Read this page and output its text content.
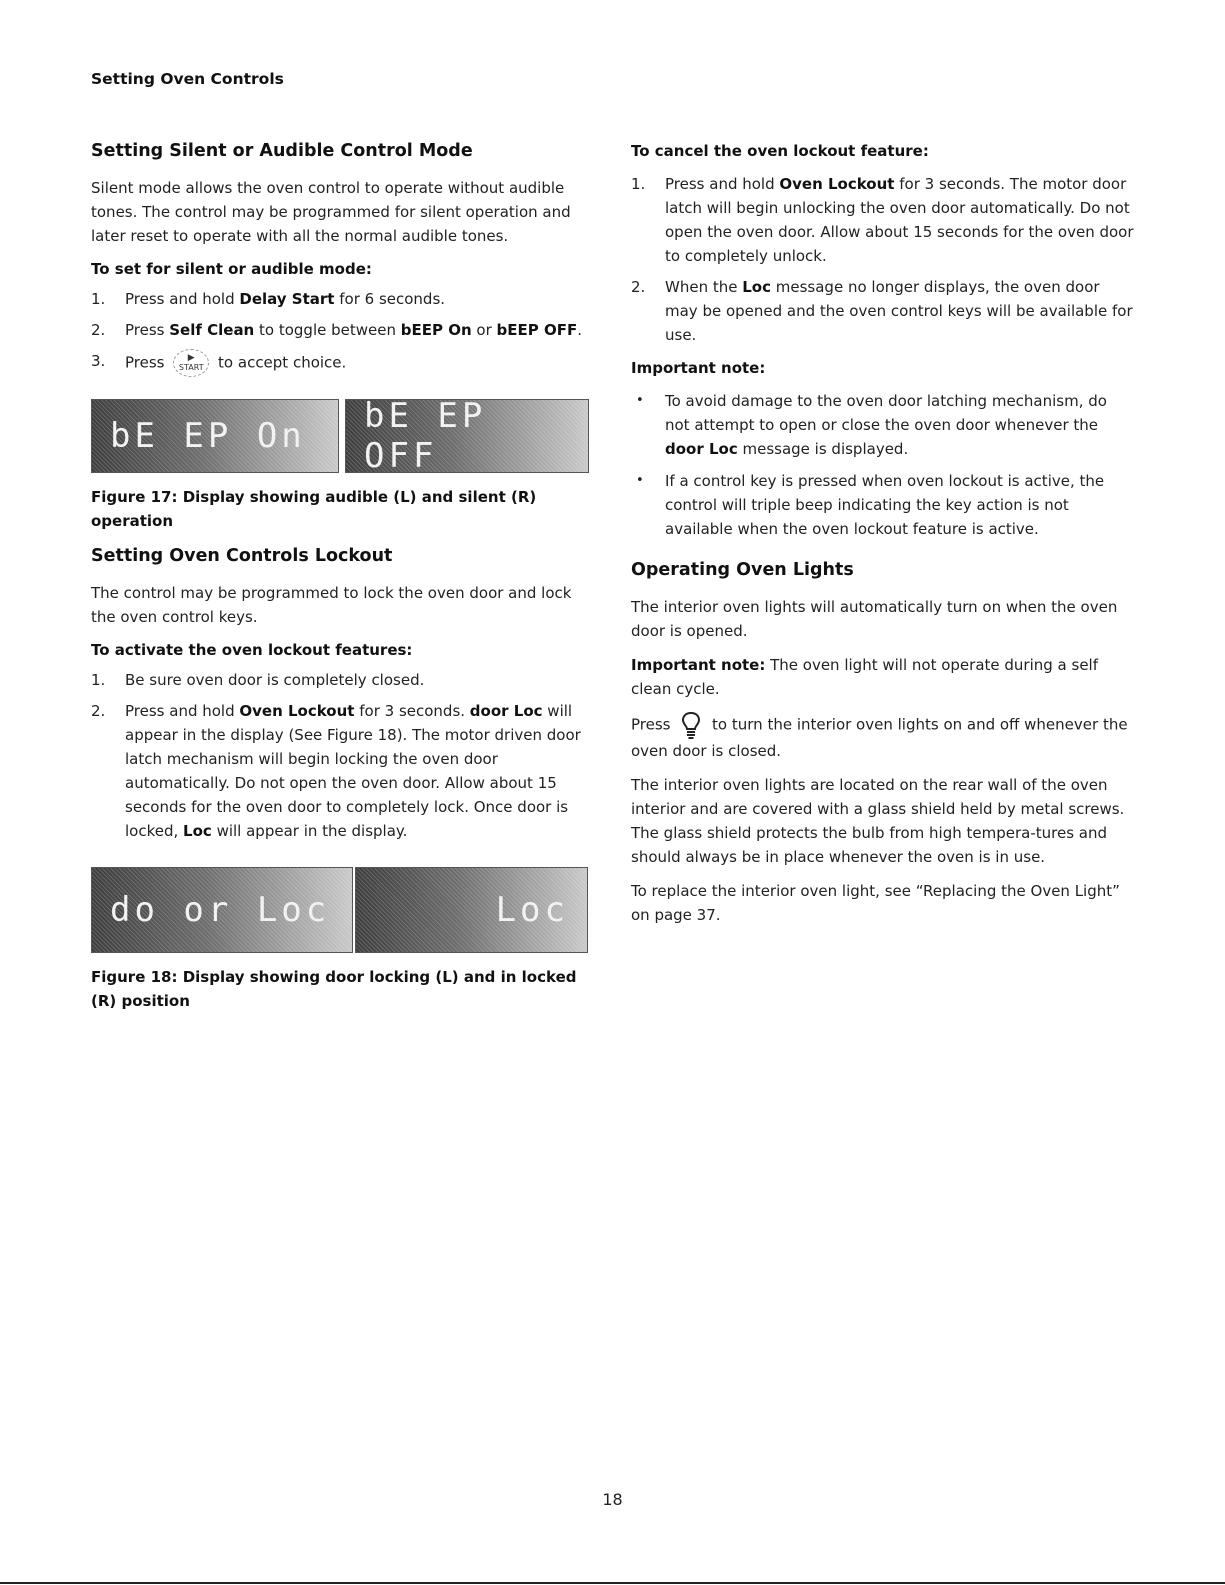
Setting Oven Controls
Setting Silent or Audible Control Mode

Silent mode allows the oven control to operate without audible tones. The control may be programmed for silent operation and later reset to operate with all the normal audible tones.

To set for silent or audible mode:
1. Press and hold Delay Start for 6 seconds.
2. Press Self Clean to toggle between bEEP On or bEEP OFF.
3. Press	▶
START to accept choice.
bE EP On	bE EP OFF
Figure 17: Display showing audible (L) and silent (R) operation
Setting Oven Controls Lockout

The control may be programmed to lock the oven door and lock the oven control keys.

To activate the oven lockout features:
1. Be sure oven door is completely closed.
2. Press and hold Oven Lockout for 3 seconds. door Loc will appear in the display (See Figure 18). The motor driven door latch mechanism will begin locking the oven door automatically. Do not open the oven door. Allow about 15 seconds for the oven door to completely lock. Once door is locked, Loc will appear in the display.
do or Loc	Loc
Figure 18: Display showing door locking (L) and in locked (R) position
To cancel the oven lockout feature:
1. Press and hold Oven Lockout for 3 seconds. The motor door latch will begin unlocking the oven door automatically. Do not open the oven door. Allow about 15 seconds for the oven door to completely unlock.
2. When the Loc message no longer displays, the oven door may be opened and the oven control keys will be available for use.
Important note:
• To avoid damage to the oven door latching mechanism, do not attempt to open or close the oven door whenever the door Loc message is displayed.
• If a control key is pressed when oven lockout is active, the control will triple beep indicating the key action is not available when the oven lockout feature is active.
Operating Oven Lights

The interior oven lights will automatically turn on when the oven door is opened.

Important note: The oven light will not operate during a self clean cycle.

Press	to turn the interior oven lights on and off whenever the oven door is closed.

The interior oven lights are located on the rear wall of the oven interior and are covered with a glass shield held by metal screws. The glass shield protects the bulb from high tempera-tures and should always be in place whenever the oven is in use.

To replace the interior oven light, see “Replacing the Oven Light” on page 37.

18
